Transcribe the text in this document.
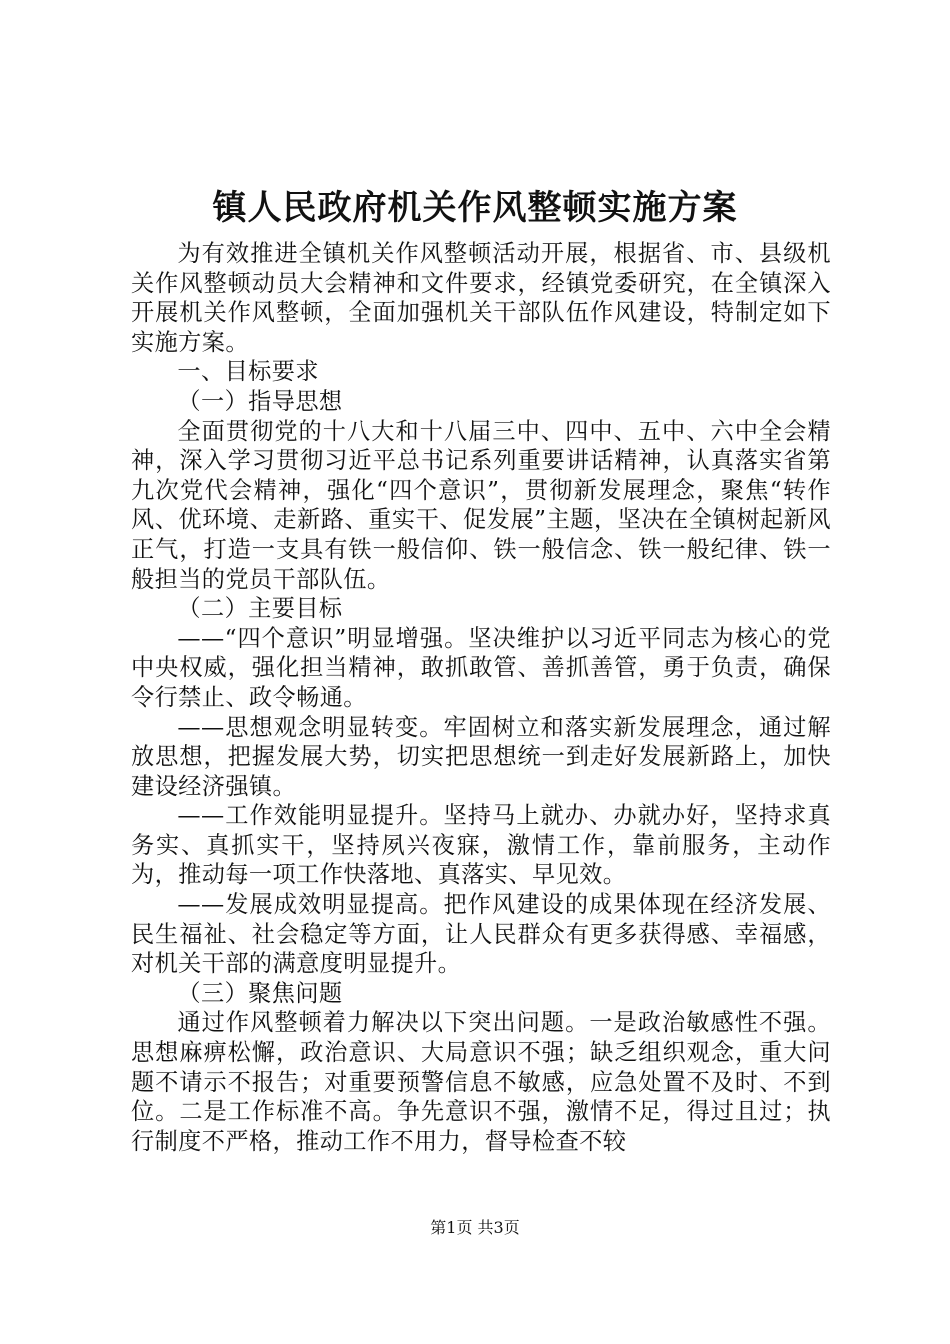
镇人民政府机关作风整顿实施方案

为有效推进全镇机关作风整顿活动开展，根据省、市、县级机关作风整顿动员大会精神和文件要求，经镇党委研究，在全镇深入开展机关作风整顿，全面加强机关干部队伍作风建设，特制定如下实施方案。

一、目标要求

（一）指导思想

全面贯彻党的十八大和十八届三中、四中、五中、六中全会精神，深入学习贯彻习近平总书记系列重要讲话精神，认真落实省第九次党代会精神，强化“四个意识”，贯彻新发展理念，聚焦“转作风、优环境、走新路、重实干、促发展”主题，坚决在全镇树起新风正气，打造一支具有铁一般信仰、铁一般信念、铁一般纪律、铁一般担当的党员干部队伍。

（二）主要目标

——“四个意识”明显增强。坚决维护以习近平同志为核心的党中央权威，强化担当精神，敢抓敢管、善抓善管，勇于负责，确保令行禁止、政令畅通。

——思想观念明显转变。牢固树立和落实新发展理念，通过解放思想，把握发展大势，切实把思想统一到走好发展新路上，加快建设经济强镇。

——工作效能明显提升。坚持马上就办、办就办好，坚持求真务实、真抓实干，坚持夙兴夜寐，激情工作，靠前服务，主动作为，推动每一项工作快落地、真落实、早见效。

——发展成效明显提高。把作风建设的成果体现在经济发展、民生福祉、社会稳定等方面，让人民群众有更多获得感、幸福感，对机关干部的满意度明显提升。

（三）聚焦问题

通过作风整顿着力解决以下突出问题。一是政治敏感性不强。思想麻痹松懈，政治意识、大局意识不强；缺乏组织观念，重大问题不请示不报告；对重要预警信息不敏感，应急处置不及时、不到位。二是工作标准不高。争先意识不强，激情不足，得过且过；执行制度不严格，推动工作不用力，督导检查不较

第1页 共3页
